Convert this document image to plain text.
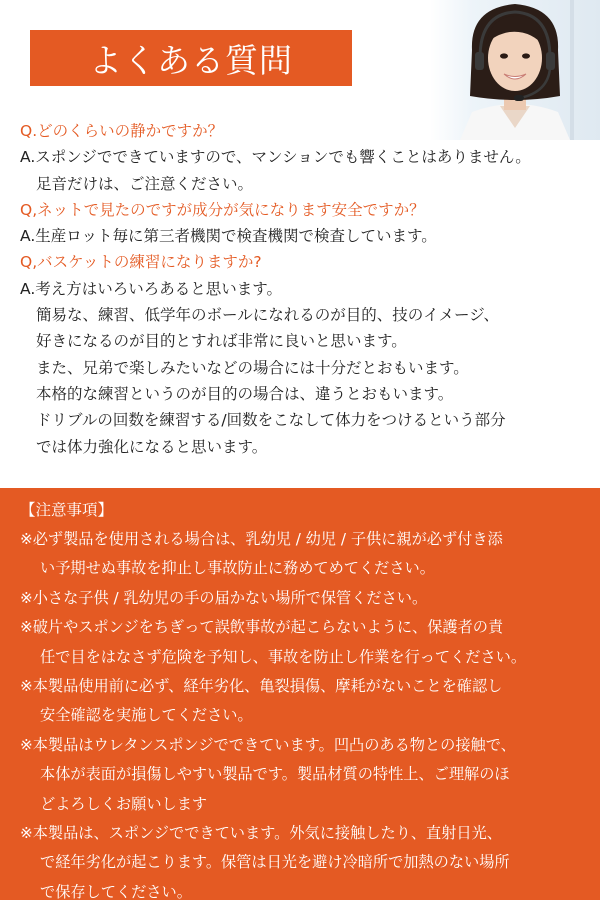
よくある質問
Q.どのくらいの静かですか？
A.スポンジでできていますので、マンションでも響くことはありません。
足音だけは、ご注意ください。
Q,ネットで見たのですが成分が気になります安全ですか？
A.生産ロット毎に第三者機関で検査機関で検査しています。
Q,バスケットの練習になりますか?
A.考え方はいろいろあると思います。
簡易な、練習、低学年のボールになれるのが目的、技のイメージ、
好きになるのが目的とすれば非常に良いと思います。
また、兄弟で楽しみたいなどの場合には十分だとおもいます。
本格的な練習というのが目的の場合は、違うとおもいます。
ドリブルの回数を練習する/回数をこなして体力をつけるという部分
では体力強化になると思います。
【注意事項】
※必ず製品を使用される場合は、乳幼児 / 幼児 / 子供に親が必ず付き添
い予期せぬ事故を抑止し事故防止に務めてめてください。
※小さな子供 / 乳幼児の手の届かない場所で保管ください。
※破片やスポンジをちぎって誤飲事故が起こらないように、保護者の責
任で目をはなさず危険を予知し、事故を防止し作業を行ってください。
※本製品使用前に必ず、経年劣化、亀裂損傷、摩耗がないことを確認し
安全確認を実施してください。
※本製品はウレタンスポンジでできています。凹凸のある物との接触で、
本体が表面が損傷しやすい製品です。製品材質の特性上、ご理解のほ
どよろしくお願いします
※本製品は、スポンジでできています。外気に接触したり、直射日光、
で経年劣化が起こります。保管は日光を避け冷暗所で加熱のない場所
で保存してください。
